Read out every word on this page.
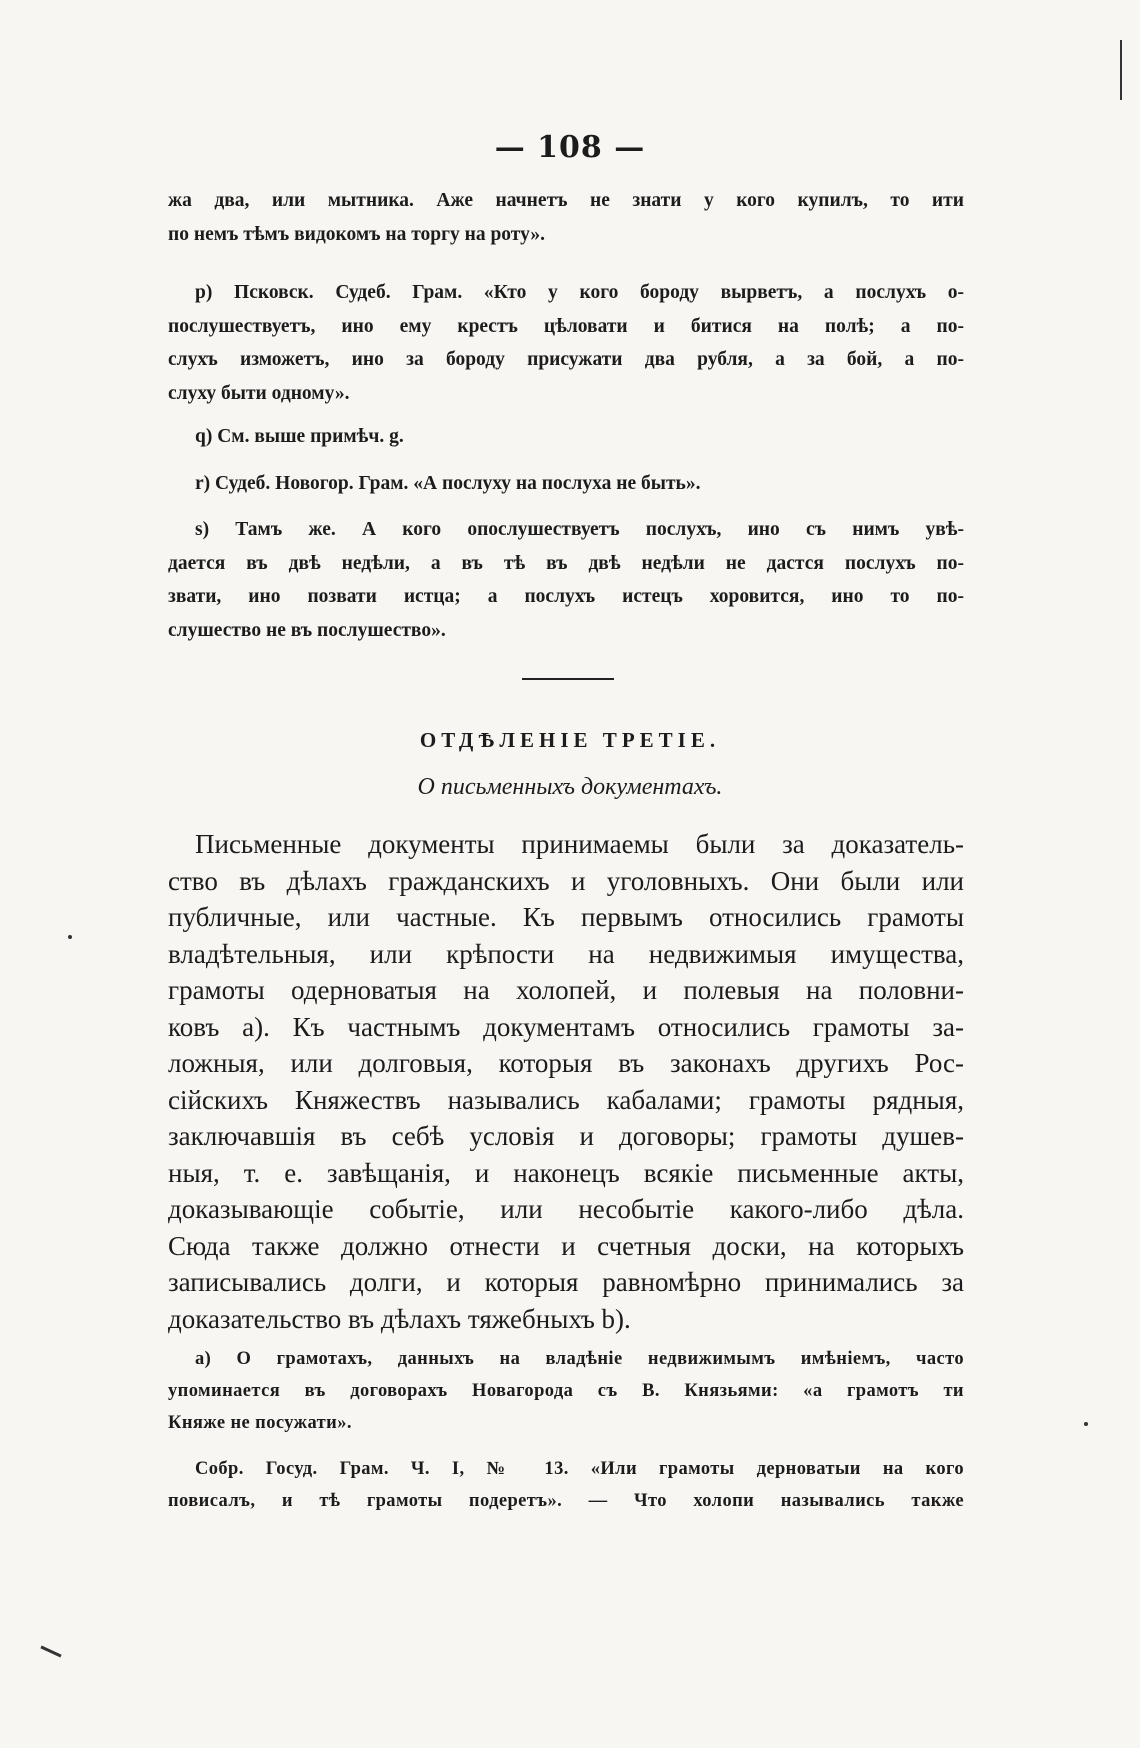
— 108 —
жа два, или мытника. Аже начнетъ не знати у кого купилъ, то ити
по немъ тѣмъ видокомъ на торгу на роту».
p) Псковск. Судеб. Грам. «Кто у кого бороду вырветъ, а послухъ о-
послушествуетъ, ино ему крестъ цѣловати и битися на полѣ; а по-
слухъ изможетъ, ино за бороду присужати два рубля, а за бой, а по-
слуху быти одному».
q) См. выше примѣч. g.
r) Судеб. Новогор. Грам. «А послуху на послуха не быть».
s) Тамъ же. А кого опослушествуетъ послухъ, ино съ нимъ увѣ-
дается въ двѣ недѣли, а въ тѣ въ двѣ недѣли не дастся послухъ по-
звати, ино позвати истца; а послухъ истецъ хоровится, ино то по-
слушество не въ послушество».
ОТДѢЛЕНІЕ ТРЕТІЕ.
О письменныхъ документахъ.
Письменные документы принимаемы были за доказатель-
ство въ дѣлахъ гражданскихъ и уголовныхъ. Они были или
публичные, или частные. Къ первымъ относились грамоты
владѣтельныя, или крѣпости на недвижимыя имущества,
грамоты одерноватыя на холопей, и полевыя на половни-
ковъ a). Къ частнымъ документамъ относились грамоты за-
ложныя, или долговыя, которыя въ законахъ другихъ Рос-
сійскихъ Княжествъ назывались кабалами; грамоты рядныя,
заключавшія въ себѣ условія и договоры; грамоты душев-
ныя, т. е. завѣщанія, и наконецъ всякіе письменные акты,
доказывающіе событіе, или несобытіе какого-либо дѣла.
Сюда также должно отнести и счетныя доски, на которыхъ
записывались долги, и которыя равномѣрно принимались за
доказательство въ дѣлахъ тяжебныхъ b).
a) О грамотахъ, данныхъ на владѣніе недвижимымъ имѣніемъ, часто
упоминается въ договорахъ Новагорода съ В. Князьями: «а грамотъ ти
Княже не посужати».
Собр. Госуд. Грам. Ч. I, № 13. «Или грамоты дерноватыи на кого
повисалъ, и тѣ грамоты подеретъ». — Что холопи назывались также
